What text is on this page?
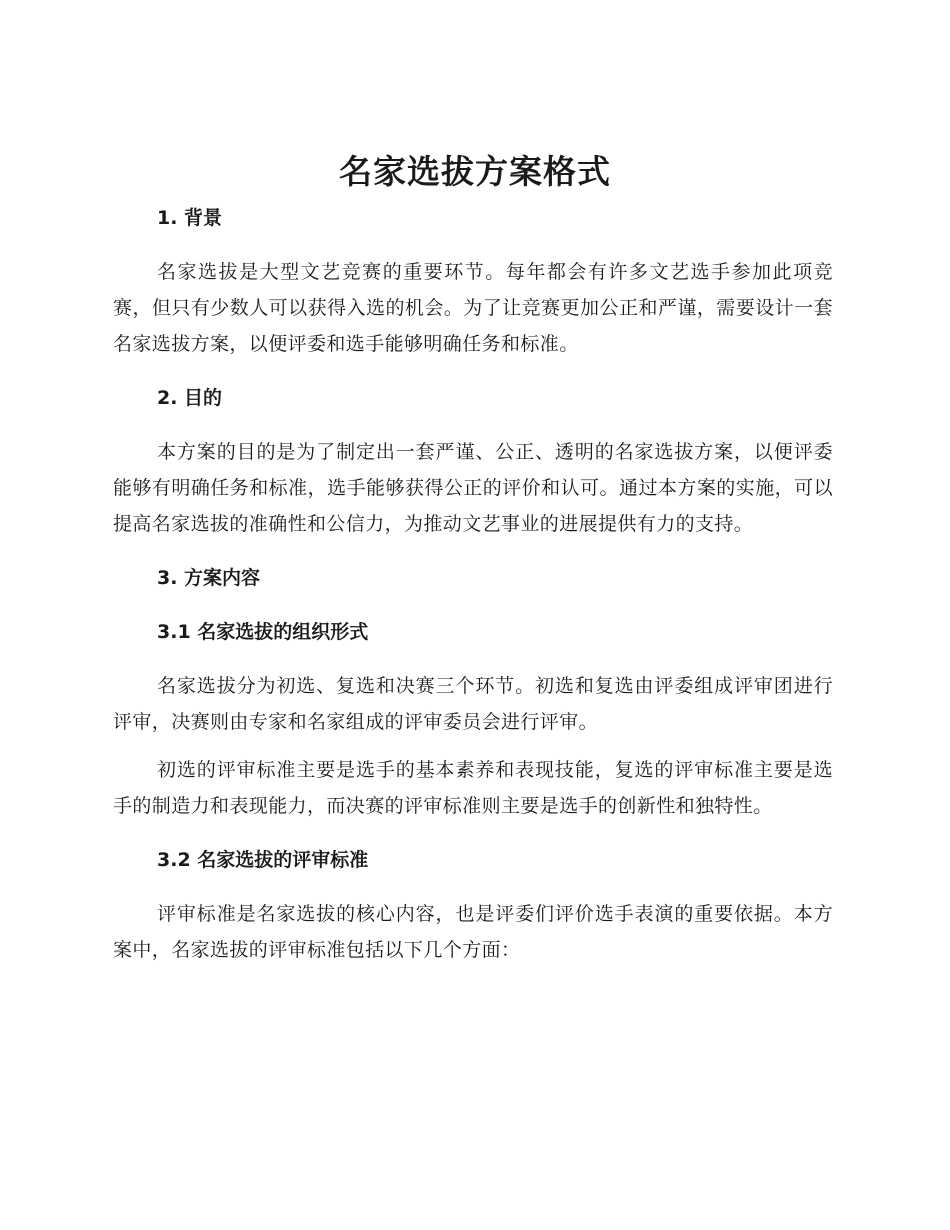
名家选拔方案格式
1. 背景

名家选拔是大型文艺竞赛的重要环节。每年都会有许多文艺选手参加此项竞赛，但只有少数人可以获得入选的机会。为了让竞赛更加公正和严谨，需要设计一套名家选拔方案，以便评委和选手能够明确任务和标准。

2. 目的

本方案的目的是为了制定出一套严谨、公正、透明的名家选拔方案，以便评委能够有明确任务和标准，选手能够获得公正的评价和认可。通过本方案的实施，可以提高名家选拔的准确性和公信力，为推动文艺事业的进展提供有力的支持。

3. 方案内容
3.1 名家选拔的组织形式

名家选拔分为初选、复选和决赛三个环节。初选和复选由评委组成评审团进行评审，决赛则由专家和名家组成的评审委员会进行评审。

初选的评审标准主要是选手的基本素养和表现技能，复选的评审标准主要是选手的制造力和表现能力，而决赛的评审标准则主要是选手的创新性和独特性。

3.2 名家选拔的评审标准

评审标准是名家选拔的核心内容，也是评委们评价选手表演的重要依据。本方案中，名家选拔的评审标准包括以下几个方面：
